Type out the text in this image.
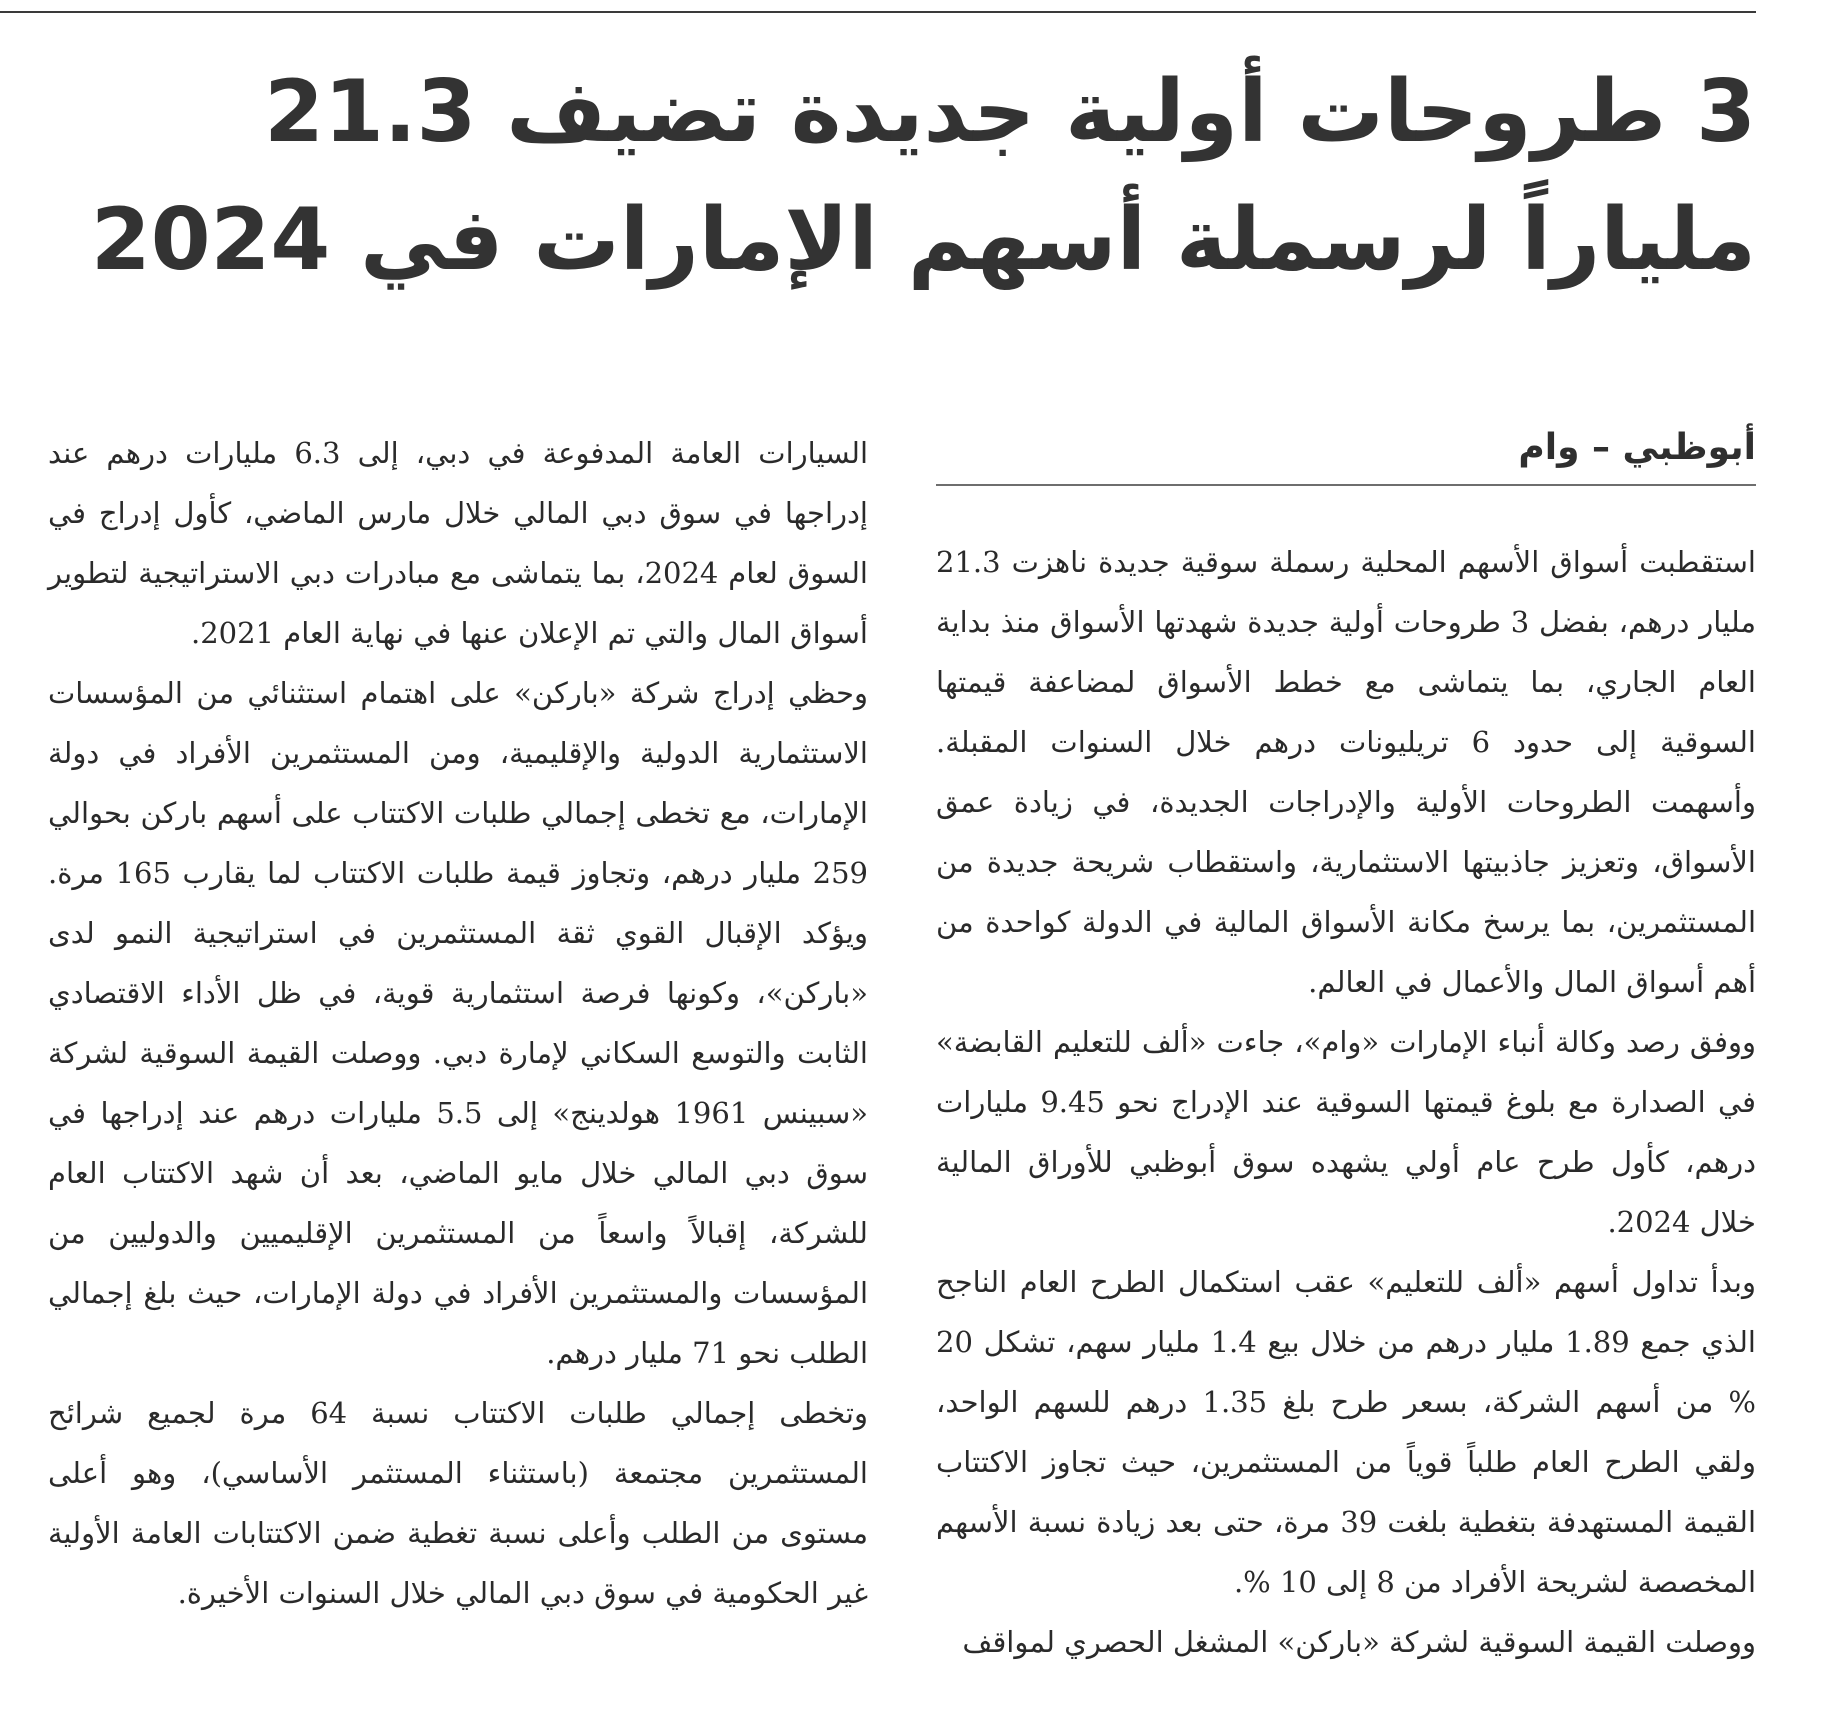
3 طروحات أولية جديدة تضيف 21.3 ملياراً لرسملة أسهم الإمارات في 2024
أبوظبي – وام

استقطبت أسواق الأسهم المحلية رسملة سوقية جديدة ناهزت 21.3 مليار درهم، بفضل 3 طروحات أولية جديدة شهدتها الأسواق منذ بداية العام الجاري، بما يتماشى مع خطط الأسواق لمضاعفة قيمتها السوقية إلى حدود 6 تريليونات درهم خلال السنوات المقبلة. وأسهمت الطروحات الأولية والإدراجات الجديدة، في زيادة عمق الأسواق، وتعزيز جاذبيتها الاستثمارية، واستقطاب شريحة جديدة من المستثمرين، بما يرسخ مكانة الأسواق المالية في الدولة كواحدة من أهم أسواق المال والأعمال في العالم.

ووفق رصد وكالة أنباء الإمارات «وام»، جاءت «ألف للتعليم القابضة» في الصدارة مع بلوغ قيمتها السوقية عند الإدراج نحو 9.45 مليارات درهم، كأول طرح عام أولي يشهده سوق أبوظبي للأوراق المالية خلال 2024.

وبدأ تداول أسهم «ألف للتعليم» عقب استكمال الطرح العام الناجح الذي جمع 1.89 مليار درهم من خلال بيع 1.4 مليار سهم، تشكل 20 % من أسهم الشركة، بسعر طرح بلغ 1.35 درهم للسهم الواحد، ولقي الطرح العام طلباً قوياً من المستثمرين، حيث تجاوز الاكتتاب القيمة المستهدفة بتغطية بلغت 39 مرة، حتى بعد زيادة نسبة الأسهم المخصصة لشريحة الأفراد من 8 إلى 10 %.

ووصلت القيمة السوقية لشركة «باركن» المشغل الحصري لمواقف

السيارات العامة المدفوعة في دبي، إلى 6.3 مليارات درهم عند إدراجها في سوق دبي المالي خلال مارس الماضي، كأول إدراج في السوق لعام 2024، بما يتماشى مع مبادرات دبي الاستراتيجية لتطوير أسواق المال والتي تم الإعلان عنها في نهاية العام 2021.

وحظي إدراج شركة «باركن» على اهتمام استثنائي من المؤسسات الاستثمارية الدولية والإقليمية، ومن المستثمرين الأفراد في دولة الإمارات، مع تخطى إجمالي طلبات الاكتتاب على أسهم باركن بحوالي 259 مليار درهم، وتجاوز قيمة طلبات الاكتتاب لما يقارب 165 مرة. ويؤكد الإقبال القوي ثقة المستثمرين في استراتيجية النمو لدى «باركن»، وكونها فرصة استثمارية قوية، في ظل الأداء الاقتصادي الثابت والتوسع السكاني لإمارة دبي. ووصلت القيمة السوقية لشركة «سبينس 1961 هولدينج» إلى 5.5 مليارات درهم عند إدراجها في سوق دبي المالي خلال مايو الماضي، بعد أن شهد الاكتتاب العام للشركة، إقبالاً واسعاً من المستثمرين الإقليميين والدوليين من المؤسسات والمستثمرين الأفراد في دولة الإمارات، حيث بلغ إجمالي الطلب نحو 71 مليار درهم.

وتخطى إجمالي طلبات الاكتتاب نسبة 64 مرة لجميع شرائح المستثمرين مجتمعة (باستثناء المستثمر الأساسي)، وهو أعلى مستوى من الطلب وأعلى نسبة تغطية ضمن الاكتتابات العامة الأولية غير الحكومية في سوق دبي المالي خلال السنوات الأخيرة.
